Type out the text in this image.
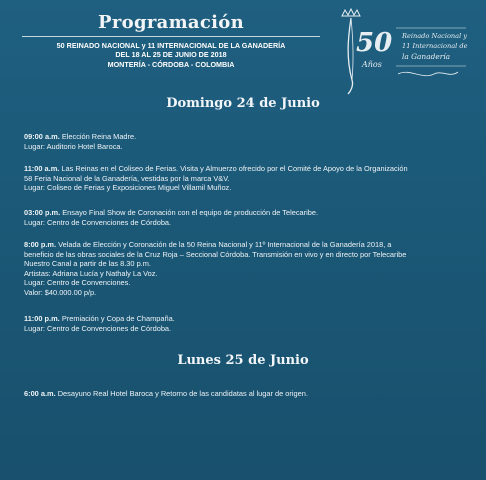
Programación
50 REINADO NACIONAL y 11 INTERNACIONAL DE LA GANADERÍA
DEL 18 AL 25 DE JUNIO DE 2018
MONTERÍA - CÓRDOBA - COLOMBIA
50
Años
Reinado Nacional y
11 Internacional de
la Ganadería
Domingo 24 de Junio
09:00 a.m. Elección Reina Madre.
Lugar: Auditorio Hotel Baroca.
11:00 a.m. Las Reinas en el Coliseo de Ferias. Visita y Almuerzo ofrecido por el Comité de Apoyo de la Organización
58 Feria Nacional de la Ganadería, vestidas por la marca V&V.
Lugar: Coliseo de Ferias y Exposiciones Miguel Villamil Muñoz.
03:00 p.m. Ensayo Final Show de Coronación con el equipo de producción de Telecaribe.
Lugar: Centro de Convenciones de Córdoba.
8:00 p.m. Velada de Elección y Coronación de la 50 Reina Nacional y 11º Internacional de la Ganadería 2018, a
beneficio de las obras sociales de la Cruz Roja – Seccional Córdoba. Transmisión en vivo y en directo por Telecaribe
Nuestro Canal a partir de las 8.30 p.m.
Artistas: Adriana Lucía y Nathaly La Voz.
Lugar: Centro de Convenciones.
Valor: $40.000.00 p/p.
11:00 p.m. Premiación y Copa de Champaña.
Lugar: Centro de Convenciones de Córdoba.
Lunes 25 de Junio
6:00 a.m. Desayuno Real Hotel Baroca y Retorno de las candidatas al lugar de origen.
